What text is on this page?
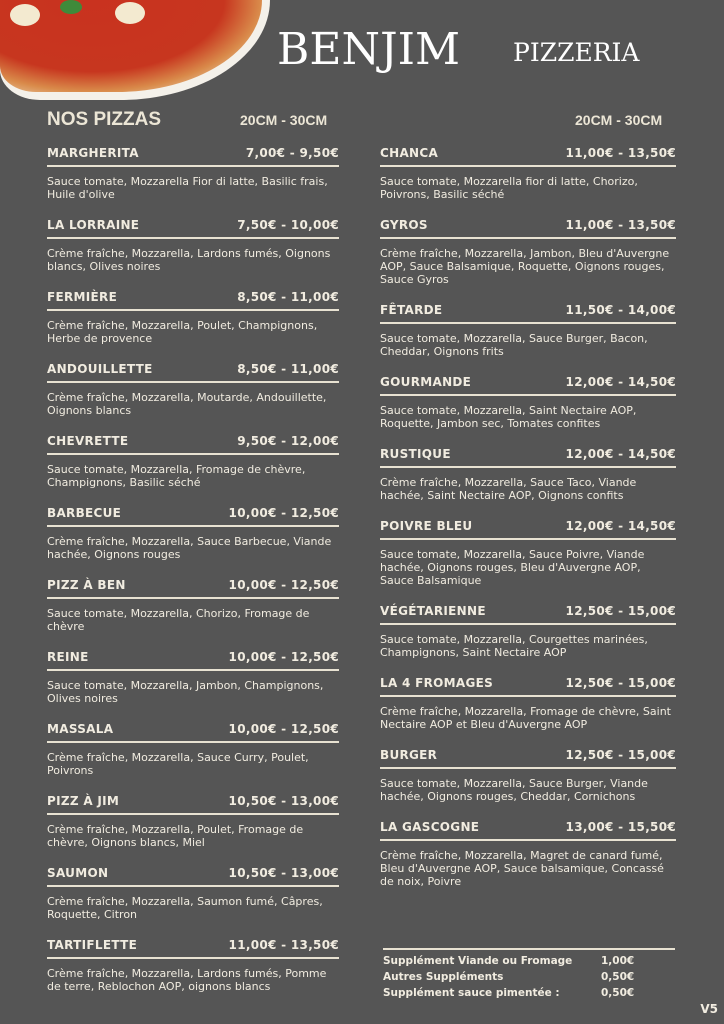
BENJIM PIZZERIA
NOS PIZZAS	20CM - 30CM	20CM - 30CM
MARGHERITA	7,00€ - 9,50€
Sauce tomate, Mozzarella Fior di latte, Basilic frais, Huile d'olive
LA LORRAINE	7,50€ - 10,00€
Crème fraîche, Mozzarella, Lardons fumés, Oignons blancs, Olives noires
FERMIÈRE	8,50€ - 11,00€
Crème fraîche, Mozzarella, Poulet, Champignons, Herbe de provence
ANDOUILLETTE	8,50€ - 11,00€
Crème fraîche, Mozzarella, Moutarde, Andouillette, Oignons blancs
CHEVRETTE	9,50€ - 12,00€
Sauce tomate, Mozzarella, Fromage de chèvre, Champignons, Basilic séché
BARBECUE	10,00€ - 12,50€
Crème fraîche, Mozzarella, Sauce Barbecue, Viande hachée, Oignons rouges
PIZZ À BEN	10,00€ - 12,50€
Sauce tomate, Mozzarella, Chorizo, Fromage de chèvre
REINE	10,00€ - 12,50€
Sauce tomate, Mozzarella, Jambon, Champignons, Olives noires
MASSALA	10,00€ - 12,50€
Crème fraîche, Mozzarella, Sauce Curry, Poulet, Poivrons
PIZZ À JIM	10,50€ - 13,00€
Crème fraîche, Mozzarella, Poulet, Fromage de chèvre, Oignons blancs, Miel
SAUMON	10,50€ - 13,00€
Crème fraîche, Mozzarella, Saumon fumé, Câpres, Roquette, Citron
TARTIFLETTE	11,00€ - 13,50€
Crème fraîche, Mozzarella, Lardons fumés, Pomme de terre, Reblochon AOP, oignons blancs
CHANCA	11,00€ - 13,50€
Sauce tomate, Mozzarella fior di latte, Chorizo, Poivrons, Basilic séché
GYROS	11,00€ - 13,50€
Crème fraîche, Mozzarella, Jambon, Bleu d'Auvergne AOP, Sauce Balsamique, Roquette, Oignons rouges, Sauce Gyros
FÊTARDE	11,50€ - 14,00€
Sauce tomate, Mozzarella, Sauce Burger, Bacon, Cheddar, Oignons frits
GOURMANDE	12,00€ - 14,50€
Sauce tomate, Mozzarella, Saint Nectaire AOP, Roquette, Jambon sec, Tomates confites
RUSTIQUE	12,00€ - 14,50€
Crème fraîche, Mozzarella, Sauce Taco, Viande hachée, Saint Nectaire AOP, Oignons confits
POIVRE BLEU	12,00€ - 14,50€
Sauce tomate, Mozzarella, Sauce Poivre, Viande hachée, Oignons rouges, Bleu d'Auvergne AOP, Sauce Balsamique
VÉGÉTARIENNE	12,50€ - 15,00€
Sauce tomate, Mozzarella, Courgettes marinées, Champignons, Saint Nectaire AOP
LA 4 FROMAGES	12,50€ - 15,00€
Crème fraîche, Mozzarella, Fromage de chèvre, Saint Nectaire AOP et Bleu d'Auvergne AOP
BURGER	12,50€ - 15,00€
Sauce tomate, Mozzarella, Sauce Burger, Viande hachée, Oignons rouges, Cheddar, Cornichons
LA GASCOGNE	13,00€ - 15,50€
Crème fraîche, Mozzarella, Magret de canard fumé, Bleu d'Auvergne AOP, Sauce balsamique, Concassé de noix, Poivre
Supplément Viande ou Fromage	1,00€
Autres Suppléments	0,50€
Supplément sauce pimentée :	0,50€
V5
